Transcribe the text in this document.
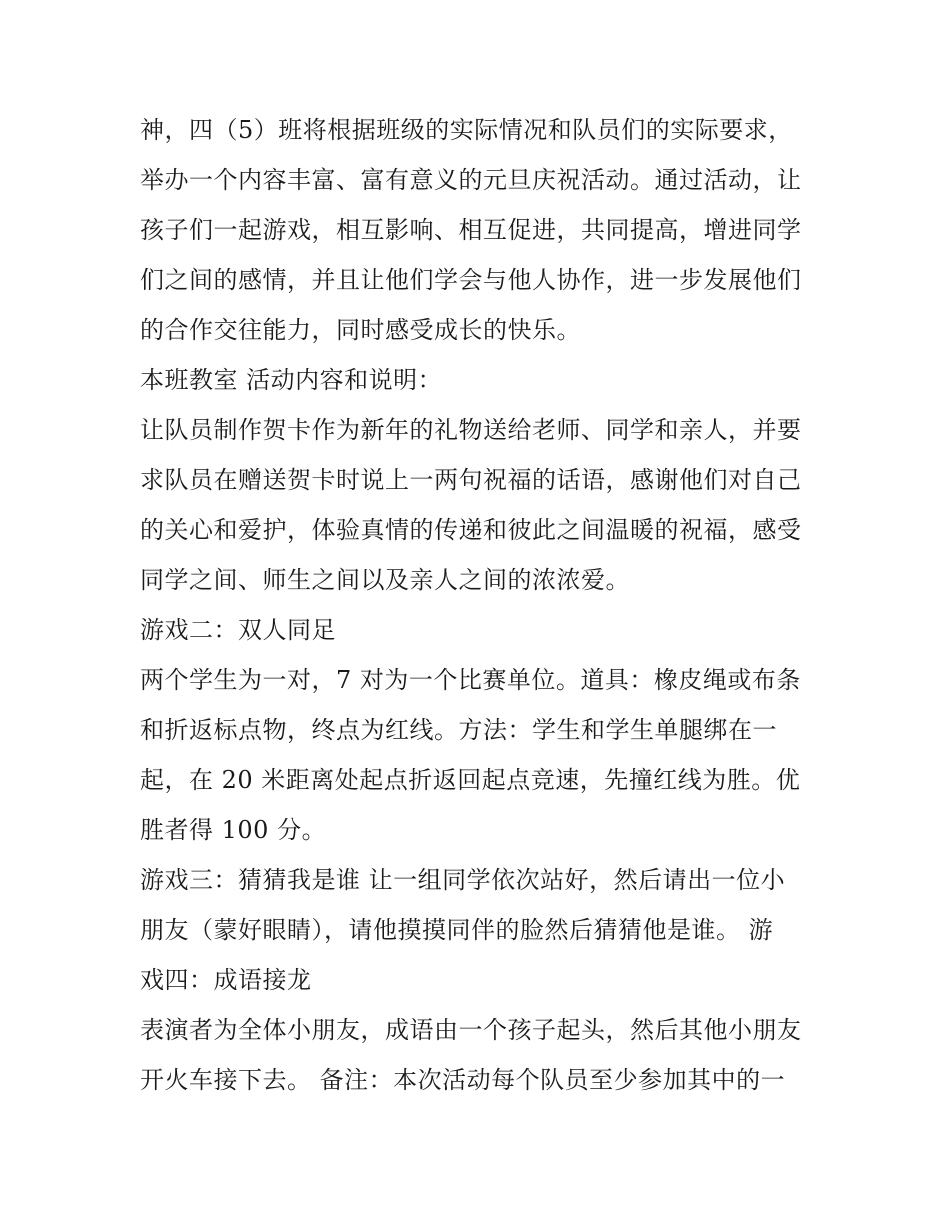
神，四（5）班将根据班级的实际情况和队员们的实际要求，
举办一个内容丰富、富有意义的元旦庆祝活动。通过活动，让
孩子们一起游戏，相互影响、相互促进，共同提高，增进同学
们之间的感情，并且让他们学会与他人协作，进一步发展他们
的合作交往能力，同时感受成长的快乐。
本班教室 活动内容和说明：
让队员制作贺卡作为新年的礼物送给老师、同学和亲人，并要
求队员在赠送贺卡时说上一两句祝福的话语，感谢他们对自己
的关心和爱护，体验真情的传递和彼此之间温暖的祝福，感受
同学之间、师生之间以及亲人之间的浓浓爱。
游戏二：双人同足
两个学生为一对，7 对为一个比赛单位。道具：橡皮绳或布条
和折返标点物，终点为红线。方法：学生和学生单腿绑在一
起，在 20 米距离处起点折返回起点竞速，先撞红线为胜。优
胜者得 100 分。
游戏三：猜猜我是谁 让一组同学依次站好，然后请出一位小
朋友（蒙好眼睛），请他摸摸同伴的脸然后猜猜他是谁。 游
戏四：成语接龙
表演者为全体小朋友，成语由一个孩子起头，然后其他小朋友
开火车接下去。 备注：本次活动每个队员至少参加其中的一
